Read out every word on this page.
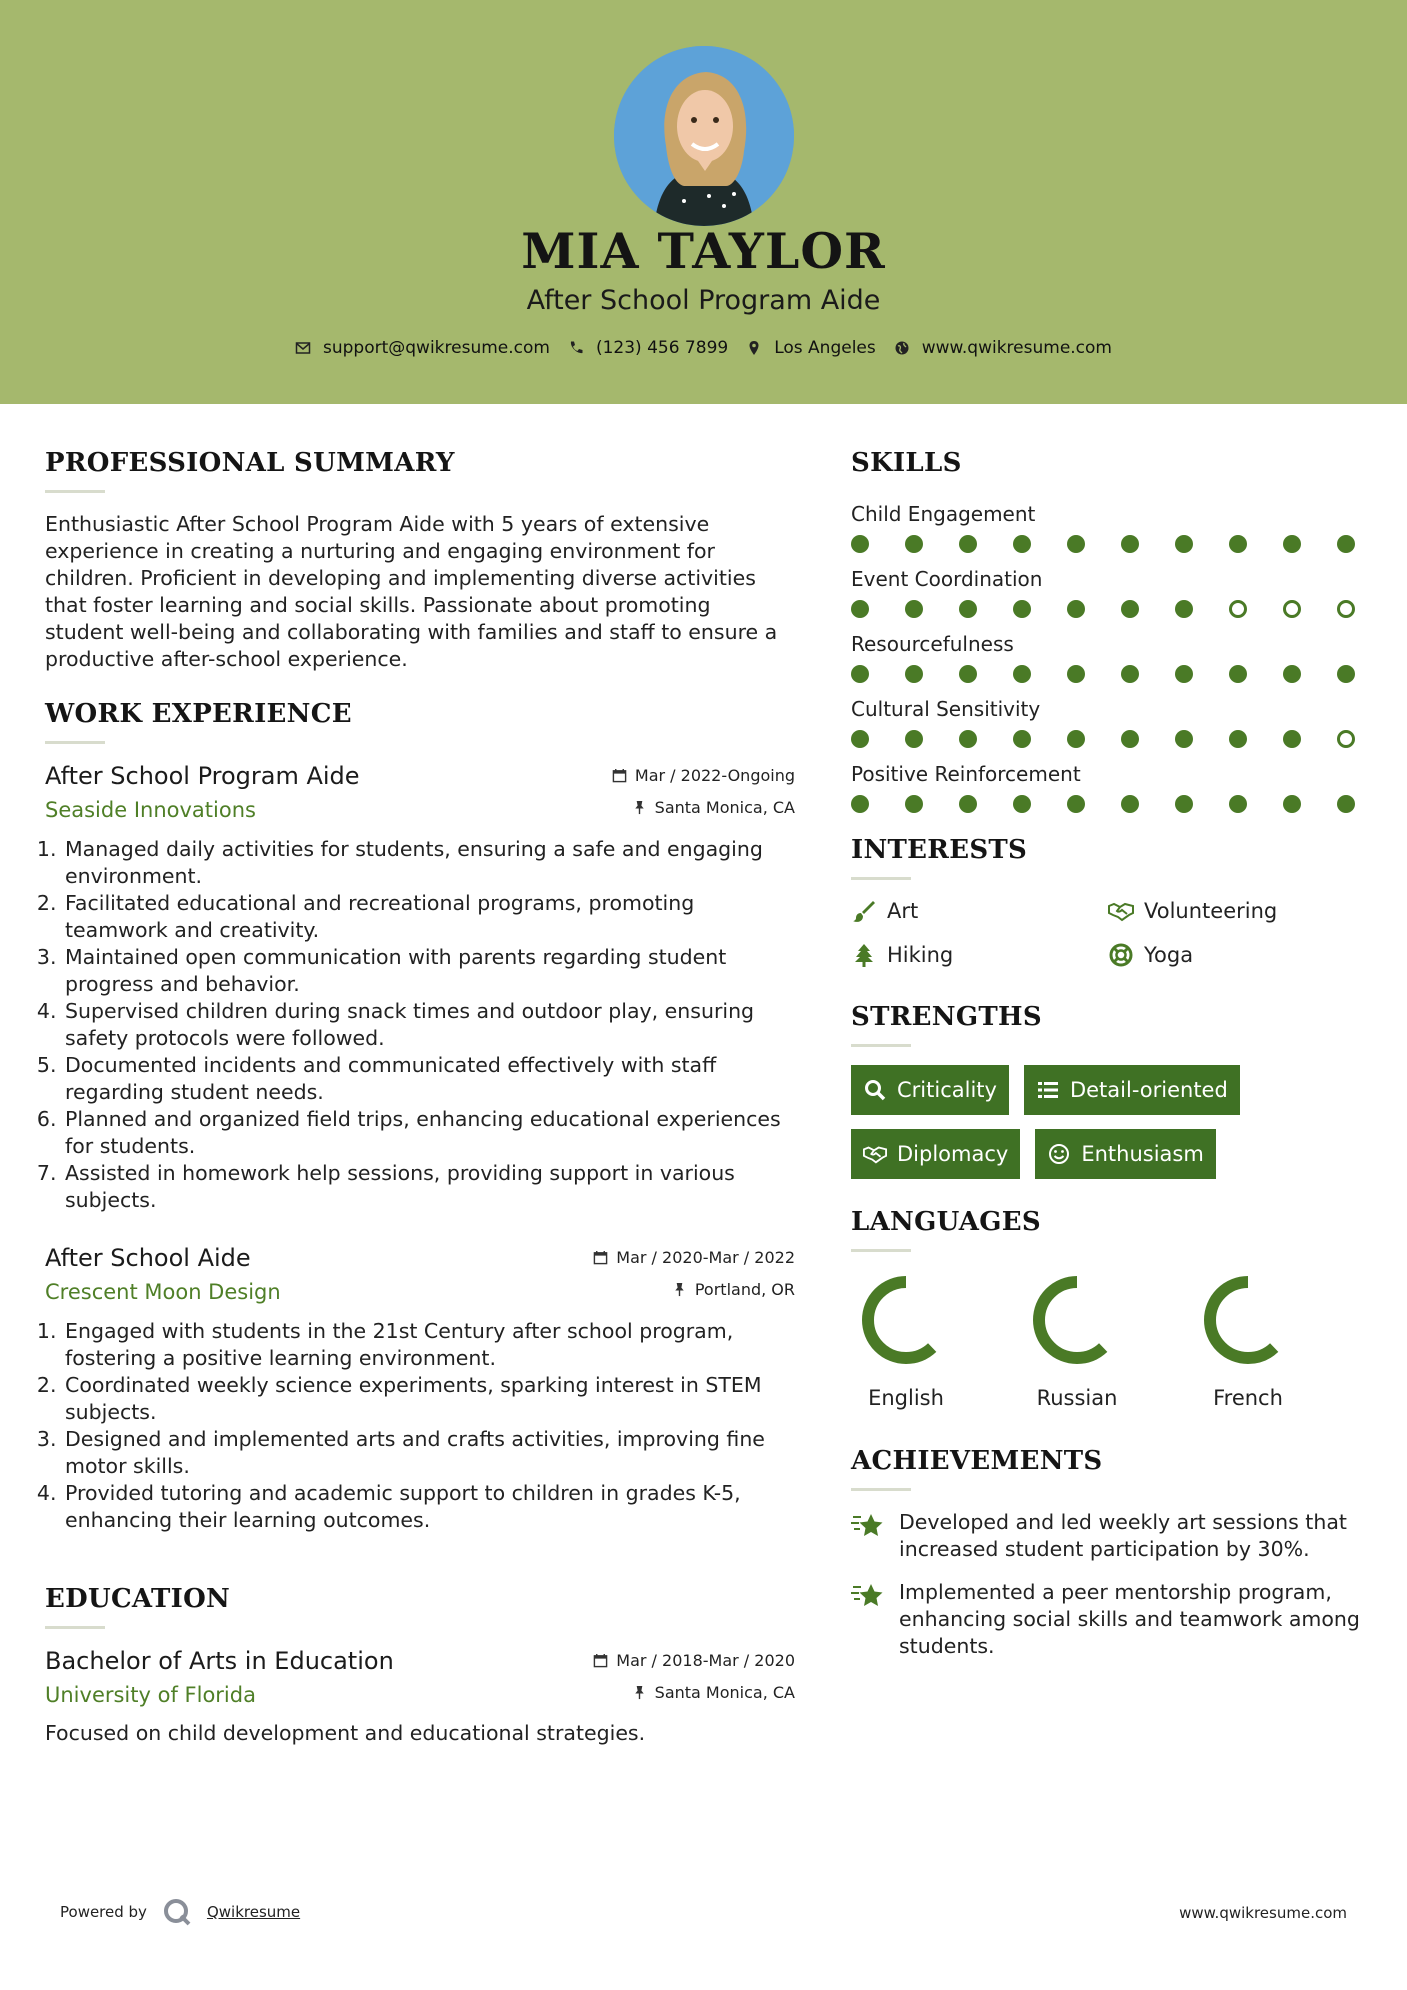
MIA TAYLOR
After School Program Aide
support@qwikresume.com	(123) 456 7899	Los Angeles	www.qwikresume.com
PROFESSIONAL SUMMARY

Enthusiastic After School Program Aide with 5 years of extensive experience in creating a nurturing and engaging environment for children. Proficient in developing and implementing diverse activities that foster learning and social skills. Passionate about promoting student well-being and collaborating with families and staff to ensure a productive after-school experience.

WORK EXPERIENCE
After School Program Aide
Seaside Innovations
Mar / 2022-Ongoing
Santa Monica, CA
1. Managed daily activities for students, ensuring a safe and engaging environment.
2. Facilitated educational and recreational programs, promoting teamwork and creativity.
3. Maintained open communication with parents regarding student progress and behavior.
4. Supervised children during snack times and outdoor play, ensuring safety protocols were followed.
5. Documented incidents and communicated effectively with staff regarding student needs.
6. Planned and organized field trips, enhancing educational experiences for students.
7. Assisted in homework help sessions, providing support in various subjects.
After School Aide
Crescent Moon Design
Mar / 2020-Mar / 2022
Portland, OR
1. Engaged with students in the 21st Century after school program, fostering a positive learning environment.
2. Coordinated weekly science experiments, sparking interest in STEM subjects.
3. Designed and implemented arts and crafts activities, improving fine motor skills.
4. Provided tutoring and academic support to children in grades K-5, enhancing their learning outcomes.
EDUCATION
Bachelor of Arts in Education
University of Florida
Mar / 2018-Mar / 2020
Santa Monica, CA
Focused on child development and educational strategies.
SKILLS
Child Engagement
Event Coordination
Resourcefulness
Cultural Sensitivity
Positive Reinforcement
INTERESTS
Art	Volunteering
Hiking	Yoga
STRENGTHS
Criticality	Detail-oriented
Diplomacy	Enthusiasm
LANGUAGES
English	Russian	French
ACHIEVEMENTS
Developed and led weekly art sessions that increased student participation by 30%.
Implemented a peer mentorship program, enhancing social skills and teamwork among students.
Powered by	Qwikresume	www.qwikresume.com
